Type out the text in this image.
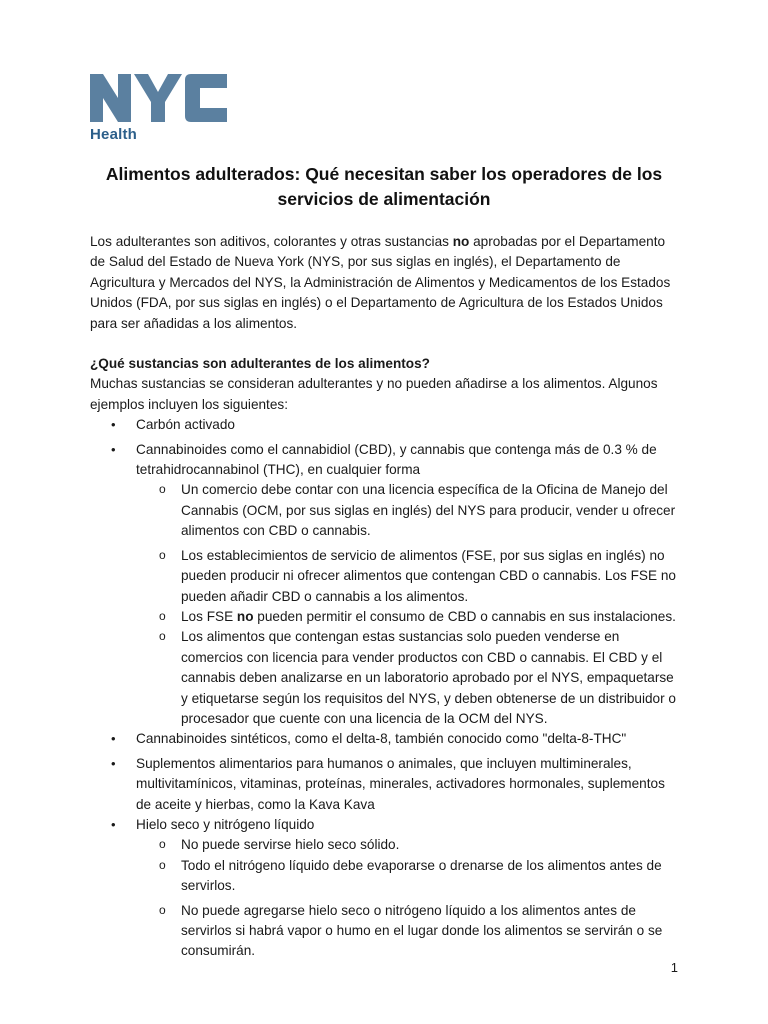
Health
Alimentos adulterados: Qué necesitan saber los operadores de los servicios de alimentación

Los adulterantes son aditivos, colorantes y otras sustancias no aprobadas por el Departamento de Salud del Estado de Nueva York (NYS, por sus siglas en inglés), el Departamento de Agricultura y Mercados del NYS, la Administración de Alimentos y Medicamentos de los Estados Unidos (FDA, por sus siglas en inglés) o el Departamento de Agricultura de los Estados Unidos para ser añadidas a los alimentos.

¿Qué sustancias son adulterantes de los alimentos?

Muchas sustancias se consideran adulterantes y no pueden añadirse a los alimentos. Algunos ejemplos incluyen los siguientes:

• Carbón activado
• Cannabinoides como el cannabidiol (CBD), y cannabis que contenga más de 0.3 % de tetrahidrocannabinol (THC), en cualquier forma
o Un comercio debe contar con una licencia específica de la Oficina de Manejo del Cannabis (OCM, por sus siglas en inglés) del NYS para producir, vender u ofrecer alimentos con CBD o cannabis.
o Los establecimientos de servicio de alimentos (FSE, por sus siglas en inglés) no pueden producir ni ofrecer alimentos que contengan CBD o cannabis. Los FSE no pueden añadir CBD o cannabis a los alimentos.
o Los FSE no pueden permitir el consumo de CBD o cannabis en sus instalaciones.
o Los alimentos que contengan estas sustancias solo pueden venderse en comercios con licencia para vender productos con CBD o cannabis. El CBD y el cannabis deben analizarse en un laboratorio aprobado por el NYS, empaquetarse y etiquetarse según los requisitos del NYS, y deben obtenerse de un distribuidor o procesador que cuente con una licencia de la OCM del NYS.
• Cannabinoides sintéticos, como el delta-8, también conocido como "delta-8-THC"
• Suplementos alimentarios para humanos o animales, que incluyen multiminerales, multivitamínicos, vitaminas, proteínas, minerales, activadores hormonales, suplementos de aceite y hierbas, como la Kava Kava
• Hielo seco y nitrógeno líquido
o No puede servirse hielo seco sólido.
o Todo el nitrógeno líquido debe evaporarse o drenarse de los alimentos antes de servirlos.
o No puede agregarse hielo seco o nitrógeno líquido a los alimentos antes de servirlos si habrá vapor o humo en el lugar donde los alimentos se servirán o se consumirán.
1
